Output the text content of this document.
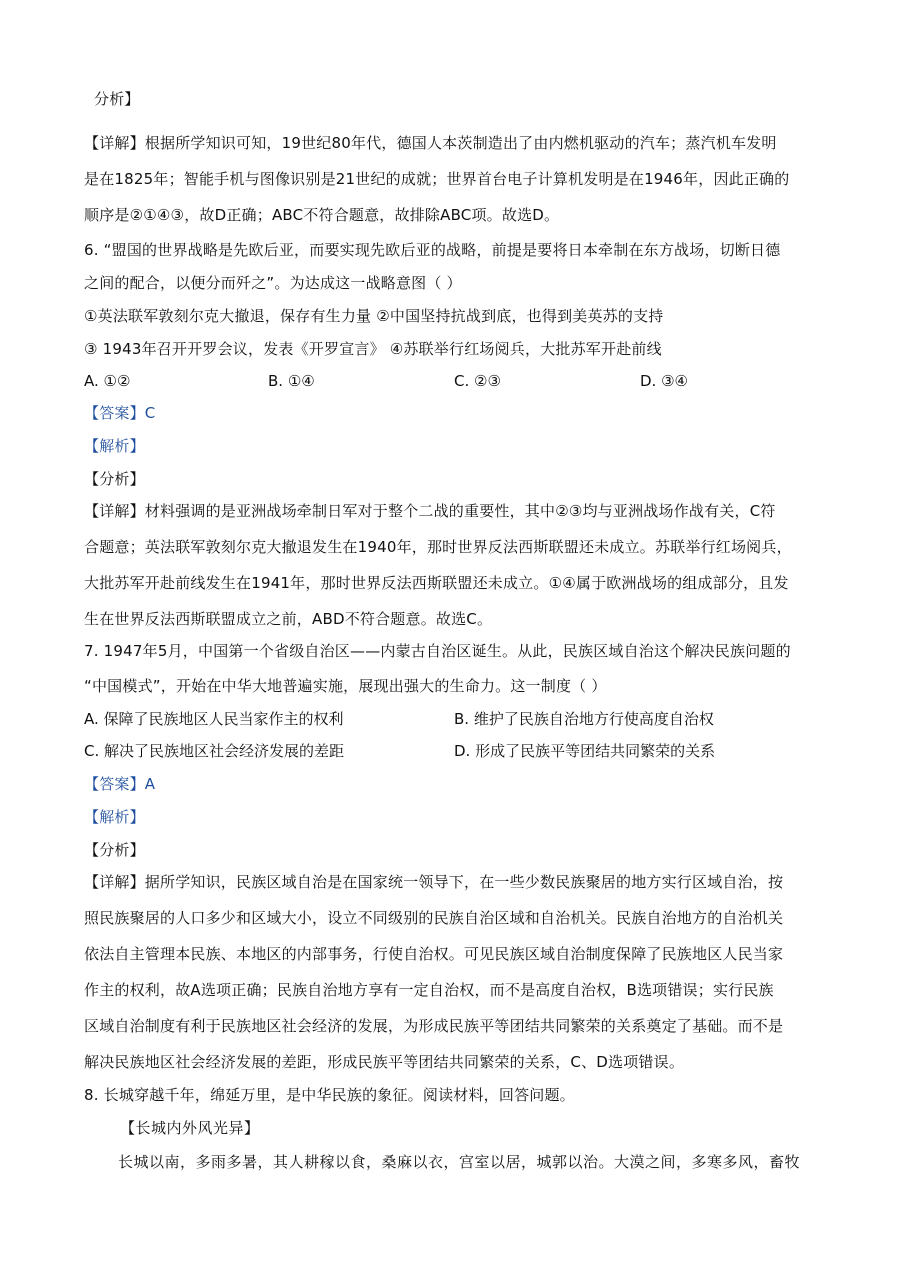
分析】
【详解】根据所学知识可知，19世纪80年代，德国人本茨制造出了由内燃机驱动的汽车；蒸汽机车发明
是在1825年；智能手机与图像识别是21世纪的成就；世界首台电子计算机发明是在1946年，因此正确的
顺序是②①④③，故D正确；ABC不符合题意，故排除ABC项。故选D。
6. “盟国的世界战略是先欧后亚，而要实现先欧后亚的战略，前提是要将日本牵制在东方战场，切断日德
之间的配合，以便分而歼之”。为达成这一战略意图（ ）
①英法联军敦刻尔克大撤退，保存有生力量 ②中国坚持抗战到底，也得到美英苏的支持
③ 1943年召开开罗会议，发表《开罗宣言》 ④苏联举行红场阅兵，大批苏军开赴前线
A. ①②	B. ①④	C. ②③	D. ③④
【答案】C
【解析】
【分析】
【详解】材料强调的是亚洲战场牵制日军对于整个二战的重要性，其中②③均与亚洲战场作战有关，C符
合题意；英法联军敦刻尔克大撤退发生在1940年，那时世界反法西斯联盟还未成立。苏联举行红场阅兵，
大批苏军开赴前线发生在1941年，那时世界反法西斯联盟还未成立。①④属于欧洲战场的组成部分，且发
生在世界反法西斯联盟成立之前，ABD不符合题意。故选C。
7. 1947年5月，中国第一个省级自治区——内蒙古自治区诞生。从此，民族区域自治这个解决民族问题的
“中国模式”，开始在中华大地普遍实施，展现出强大的生命力。这一制度（ ）
A. 保障了民族地区人民当家作主的权利	B. 维护了民族自治地方行使高度自治权
C. 解决了民族地区社会经济发展的差距	D. 形成了民族平等团结共同繁荣的关系
【答案】A
【解析】
【分析】
【详解】据所学知识，民族区域自治是在国家统一领导下，在一些少数民族聚居的地方实行区域自治，按
照民族聚居的人口多少和区域大小，设立不同级别的民族自治区域和自治机关。民族自治地方的自治机关
依法自主管理本民族、本地区的内部事务，行使自治权。可见民族区域自治制度保障了民族地区人民当家
作主的权利，故A选项正确；民族自治地方享有一定自治权，而不是高度自治权，B选项错误；实行民族
区域自治制度有利于民族地区社会经济的发展，为形成民族平等团结共同繁荣的关系奠定了基础。而不是
解决民族地区社会经济发展的差距，形成民族平等团结共同繁荣的关系，C、D选项错误。
8. 长城穿越千年，绵延万里，是中华民族的象征。阅读材料，回答问题。
【长城内外风光异】
长城以南，多雨多暑，其人耕稼以食，桑麻以衣，宫室以居，城郭以治。大漠之间，多寒多风，畜牧
